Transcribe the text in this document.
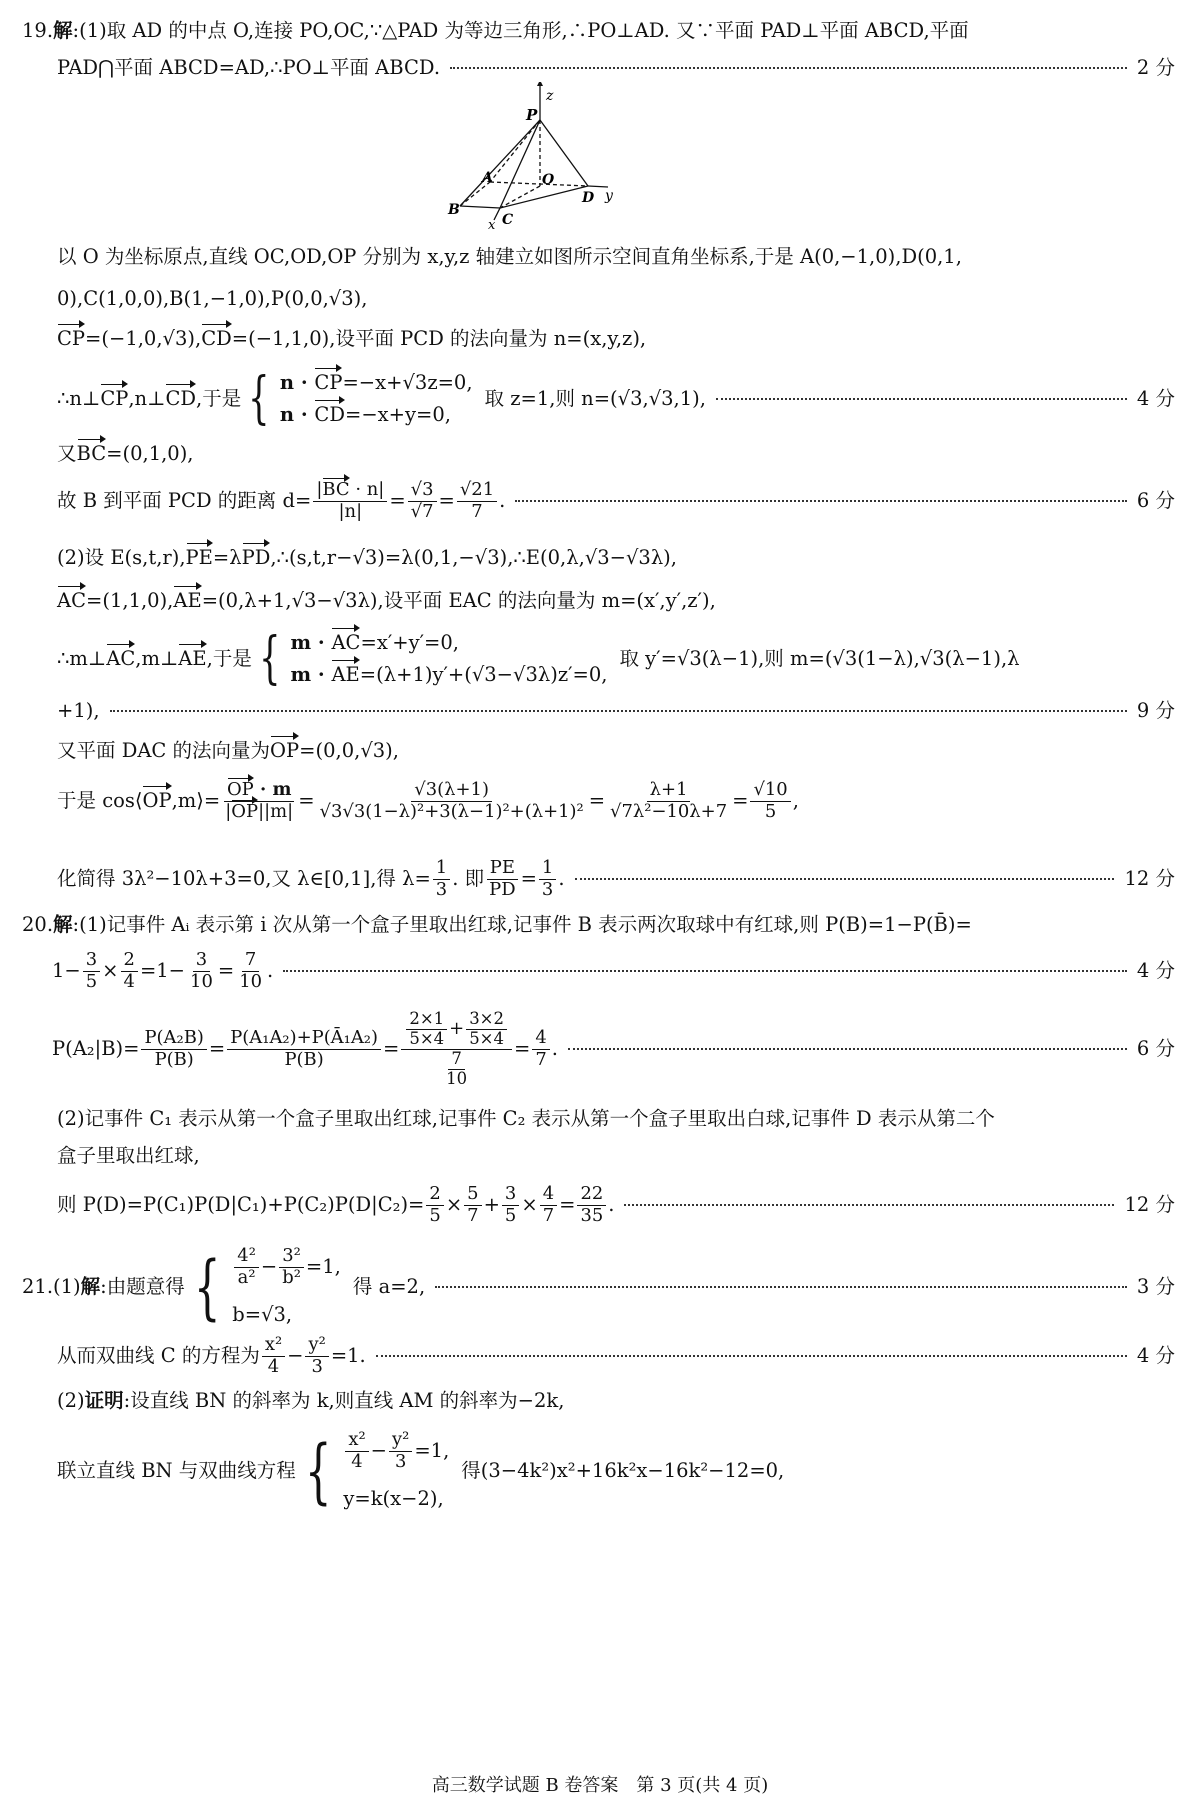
19. 解 :(1)取 AD 的中点 O,连接 PO,OC,∵△PAD 为等边三角形,∴PO⊥AD. 又∵平面 PAD⊥平面 ABCD,平面
PAD⋂平面 ABCD=AD,∴PO⊥平面 ABCD.	2 分
P
z
A	O
B
D y
x C
以 O 为坐标原点,直线 OC,OD,OP 分别为 x,y,z 轴建立如图所示空间直角坐标系,于是 A(0,−1,0),D(0,1,
0),C(1,0,0),B(1,−1,0),P(0,0,√3),
CP =(−1,0,√3), CD =(−1,1,0),设平面 PCD 的法向量为 n=(x,y,z),
∴n⊥ CP ,n⊥ CD ,于是 { n · CP=−x+√3z=0,
n · CD=−x+y=0,
取 z=1,则 n=(√3,√3,1),	4 分
又 BC =(0,1,0),
故 B 到平面 PCD 的距离 $d= \frac{|BC \cdot n|}{|n|} = \frac{√3}{√7} = \frac{√21}{7}$ .	6 分
(2)设 E(s,t,r), PE =λ PD ,∴(s,t,r−√3)=λ(0,1,−√3),∴E(0,λ,√3−√3λ),
AC =(1,1,0), AE =(0,λ+1,√3−√3λ),设平面 EAC 的法向量为 m=(x′,y′,z′),
∴m⊥ AC ,m⊥ AE ,于是 { m · AC=x′+y′=0,
m · AE=(λ+1)y′+(√3−√3λ)z′=0,
取 y′=√3(λ−1),则 m=(√3(1−λ),√3(λ−1),λ
+1),	9 分
又平面 DAC 的法向量为 OP =(0,0,√3),
于是 cos⟨ OP ,m⟩= $\frac{OP \cdot m}{|OP||m|} = \frac{√3(\lambda+1)}{\text{√3√3(1−λ)²+3(λ−1)²+(λ+1)²}} = \frac{\lambda+1}{\text{√7λ²−10λ+7}} = \frac{√10}{5}$ ,
化简得 3λ²−10λ+3=0,又 λ∈[0,1],得 $\lambda= \frac{1}{3}$ . 即 $\frac{PE}{PD} = \frac{1}{3}$ .	12 分
20. 解 :(1)记事件 Aᵢ 表示第 i 次从第一个盒子里取出红球,记事件 B 表示两次取球中有红球,则 P(B)=1−P(B̄)=
$1- \frac{3}{5} \times \frac{2}{4} =1- \frac{3}{10} = \frac{7}{10}$ .	4 分
$P(A_2|B)= \frac{\text{P(A₂B)}}{P(B)} = \frac{\text{P(A₁A₂)+P(Ā₁A₂)}}{P(B)} = \frac{\frac{2\times 1}{5\times 4} + \frac{3\times 2}{5\times 4}}{\frac{7}{10}} = \frac{4}{7}$ .	6 分
(2)记事件 C₁ 表示从第一个盒子里取出红球,记事件 C₂ 表示从第一个盒子里取出白球,记事件 D 表示从第二个
盒子里取出红球,
则 $P(D)=P(C_1)P(D|C_1)+P(C_2)P(D|C_2)= \frac{2}{5} \times \frac{5}{7} + \frac{3}{5} \times \frac{4}{7} = \frac{22}{35}$ .	12 分
21. (1) 解 :由题意得 { $\frac{\text{4²}}{\text{a²}} - \frac{\text{3²}}{\text{b²}} =1$,
b=√3,
得 a=2,	3 分
从而双曲线 C 的方程为 $\frac{\text{x²}}{4} - \frac{\text{y²}}{3} =1$.	4 分
(2) 证明 :设直线 BN 的斜率为 k,则直线 AM 的斜率为−2k,
联立直线 BN 与双曲线方程 { $\frac{\text{x²}}{4} - \frac{\text{y²}}{3} =1$,
y=k(x−2),
得(3−4k²)x²+16k²x−16k²−12=0,
高三数学试题 B 卷答案　第 3 页(共 4 页)
